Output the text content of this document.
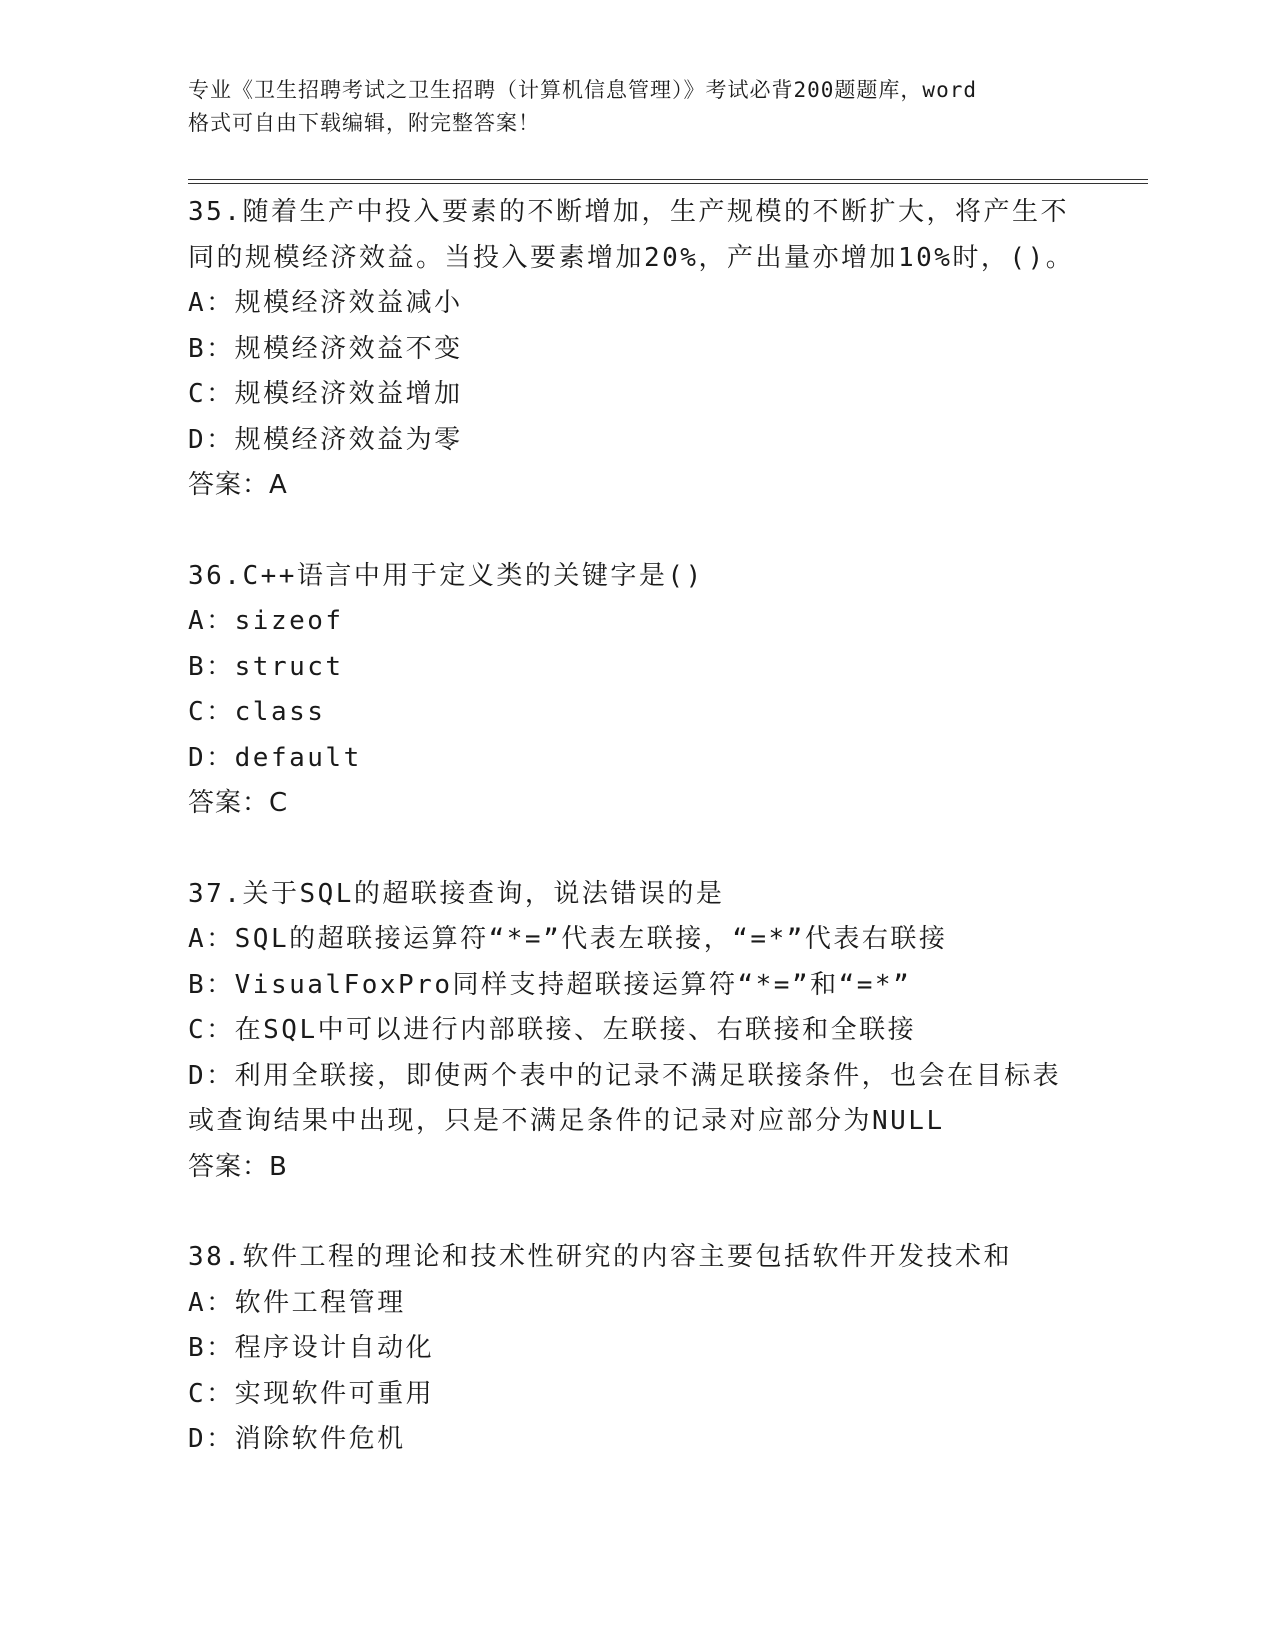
专业《卫生招聘考试之卫生招聘（计算机信息管理）》考试必背200题题库，word
格式可自由下载编辑，附完整答案！
35.随着生产中投入要素的不断增加，生产规模的不断扩大，将产生不
同的规模经济效益。当投入要素增加20%，产出量亦增加10%时，()。
A：规模经济效益减小
B：规模经济效益不变
C：规模经济效益增加
D：规模经济效益为零
答案：A
36.C++语言中用于定义类的关键字是()
A：sizeof
B：struct
C：class
D：default
答案：C
37.关于SQL的超联接查询，说法错误的是
A：SQL的超联接运算符“*=”代表左联接，“=*”代表右联接
B：VisualFoxPro同样支持超联接运算符“*=”和“=*”
C：在SQL中可以进行内部联接、左联接、右联接和全联接
D：利用全联接，即使两个表中的记录不满足联接条件，也会在目标表
或查询结果中出现，只是不满足条件的记录对应部分为NULL
答案：B
38.软件工程的理论和技术性研究的内容主要包括软件开发技术和
A：软件工程管理
B：程序设计自动化
C：实现软件可重用
D：消除软件危机
